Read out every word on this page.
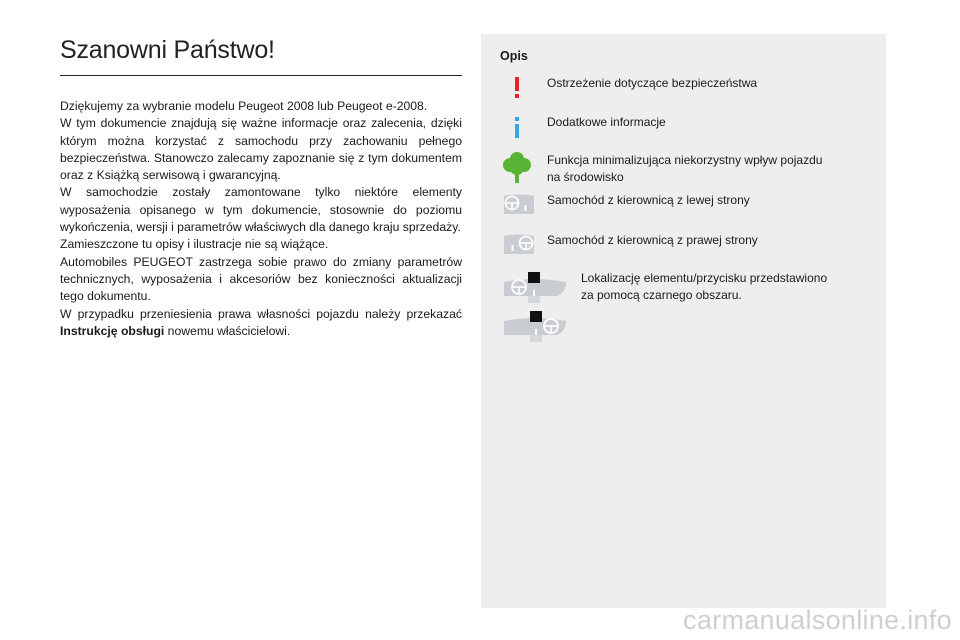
Szanowni Państwo!

Dziękujemy za wybranie modelu Peugeot 2008 lub Peugeot e-2008.

W tym dokumencie znajdują się ważne informacje oraz zalecenia, dzięki którym można korzystać z samochodu przy zachowaniu pełnego bezpieczeństwa. Stanowczo zalecamy zapoznanie się z tym dokumentem oraz z Książką serwisową i gwarancyjną.

W samochodzie zostały zamontowane tylko niektóre elementy wyposażenia opisanego w tym dokumencie, stosownie do poziomu wykończenia, wersji i parametrów właściwych dla danego kraju sprzedaży.

Zamieszczone tu opisy i ilustracje nie są wiążące.

Automobiles PEUGEOT zastrzega sobie prawo do zmiany parametrów technicznych, wyposażenia i akcesoriów bez konieczności aktualizacji tego dokumentu.

W przypadku przeniesienia prawa własności pojazdu należy przekazać Instrukcję obsługi nowemu właścicielowi.

Opis
Ostrzeżenie dotyczące bezpieczeństwa
Dodatkowe informacje
Funkcja minimalizująca niekorzystny wpływ pojazdu na środowisko
Samochód z kierownicą z lewej strony
Samochód z kierownicą z prawej strony
Lokalizację elementu/przycisku przedstawiono za pomocą czarnego obszaru.
carmanualsonline.info
